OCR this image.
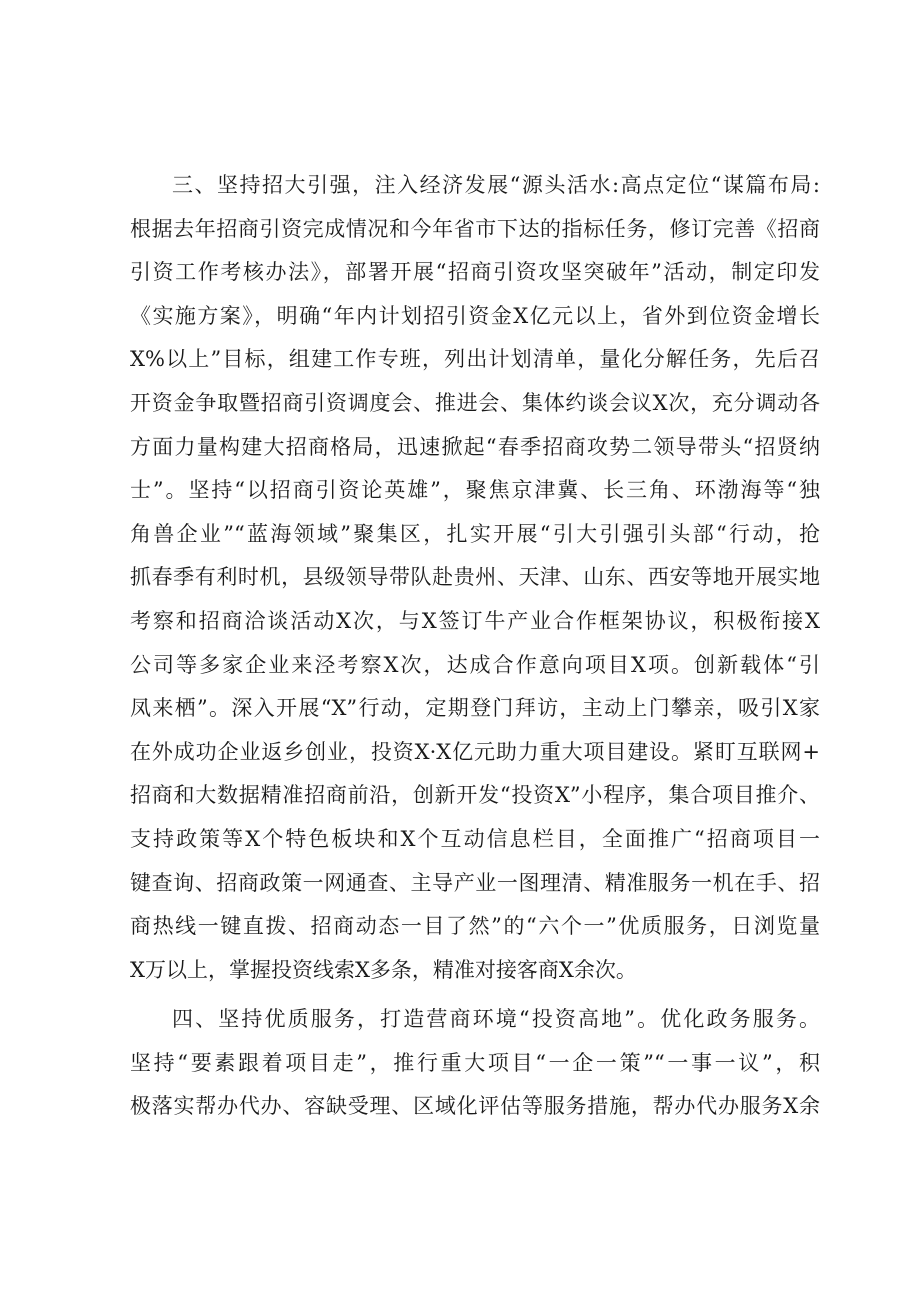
三、坚持招大引强，注入经济发展“源头活水:高点定位“谋篇布局:
根据去年招商引资完成情况和今年省市下达的指标任务，修订完善《招商
引资工作考核办法》，部署开展“招商引资攻坚突破年”活动，制定印发
《实施方案》，明确“年内计划招引资金X亿元以上，省外到位资金增长
X%以上”目标，组建工作专班，列出计划清单，量化分解任务，先后召
开资金争取暨招商引资调度会、推进会、集体约谈会议X次，充分调动各
方面力量构建大招商格局，迅速掀起“春季招商攻势二领导带头“招贤纳
士”。坚持“以招商引资论英雄”，聚焦京津冀、长三角、环渤海等“独
角兽企业”“蓝海领域”聚集区，扎实开展“引大引强引头部“行动，抢
抓春季有利时机，县级领导带队赴贵州、天津、山东、西安等地开展实地
考察和招商洽谈活动X次，与X签订牛产业合作框架协议，积极衔接X
公司等多家企业来泾考察X次，达成合作意向项目X项。创新载体“引
凤来栖”。深入开展“X”行动，定期登门拜访，主动上门攀亲，吸引X家
在外成功企业返乡创业，投资X·X亿元助力重大项目建设。紧盯互联网+
招商和大数据精准招商前沿，创新开发“投资X”小程序，集合项目推介、
支持政策等X个特色板块和X个互动信息栏目，全面推广“招商项目一
键查询、招商政策一网通查、主导产业一图理清、精准服务一机在手、招
商热线一键直拨、招商动态一目了然”的“六个一”优质服务，日浏览量
X万以上，掌握投资线索X多条，精准对接客商X余次。
四、坚持优质服务，打造营商环境“投资高地”。优化政务服务。
坚持“要素跟着项目走”，推行重大项目“一企一策”“一事一议”，积
极落实帮办代办、容缺受理、区域化评估等服务措施，帮办代办服务X余
